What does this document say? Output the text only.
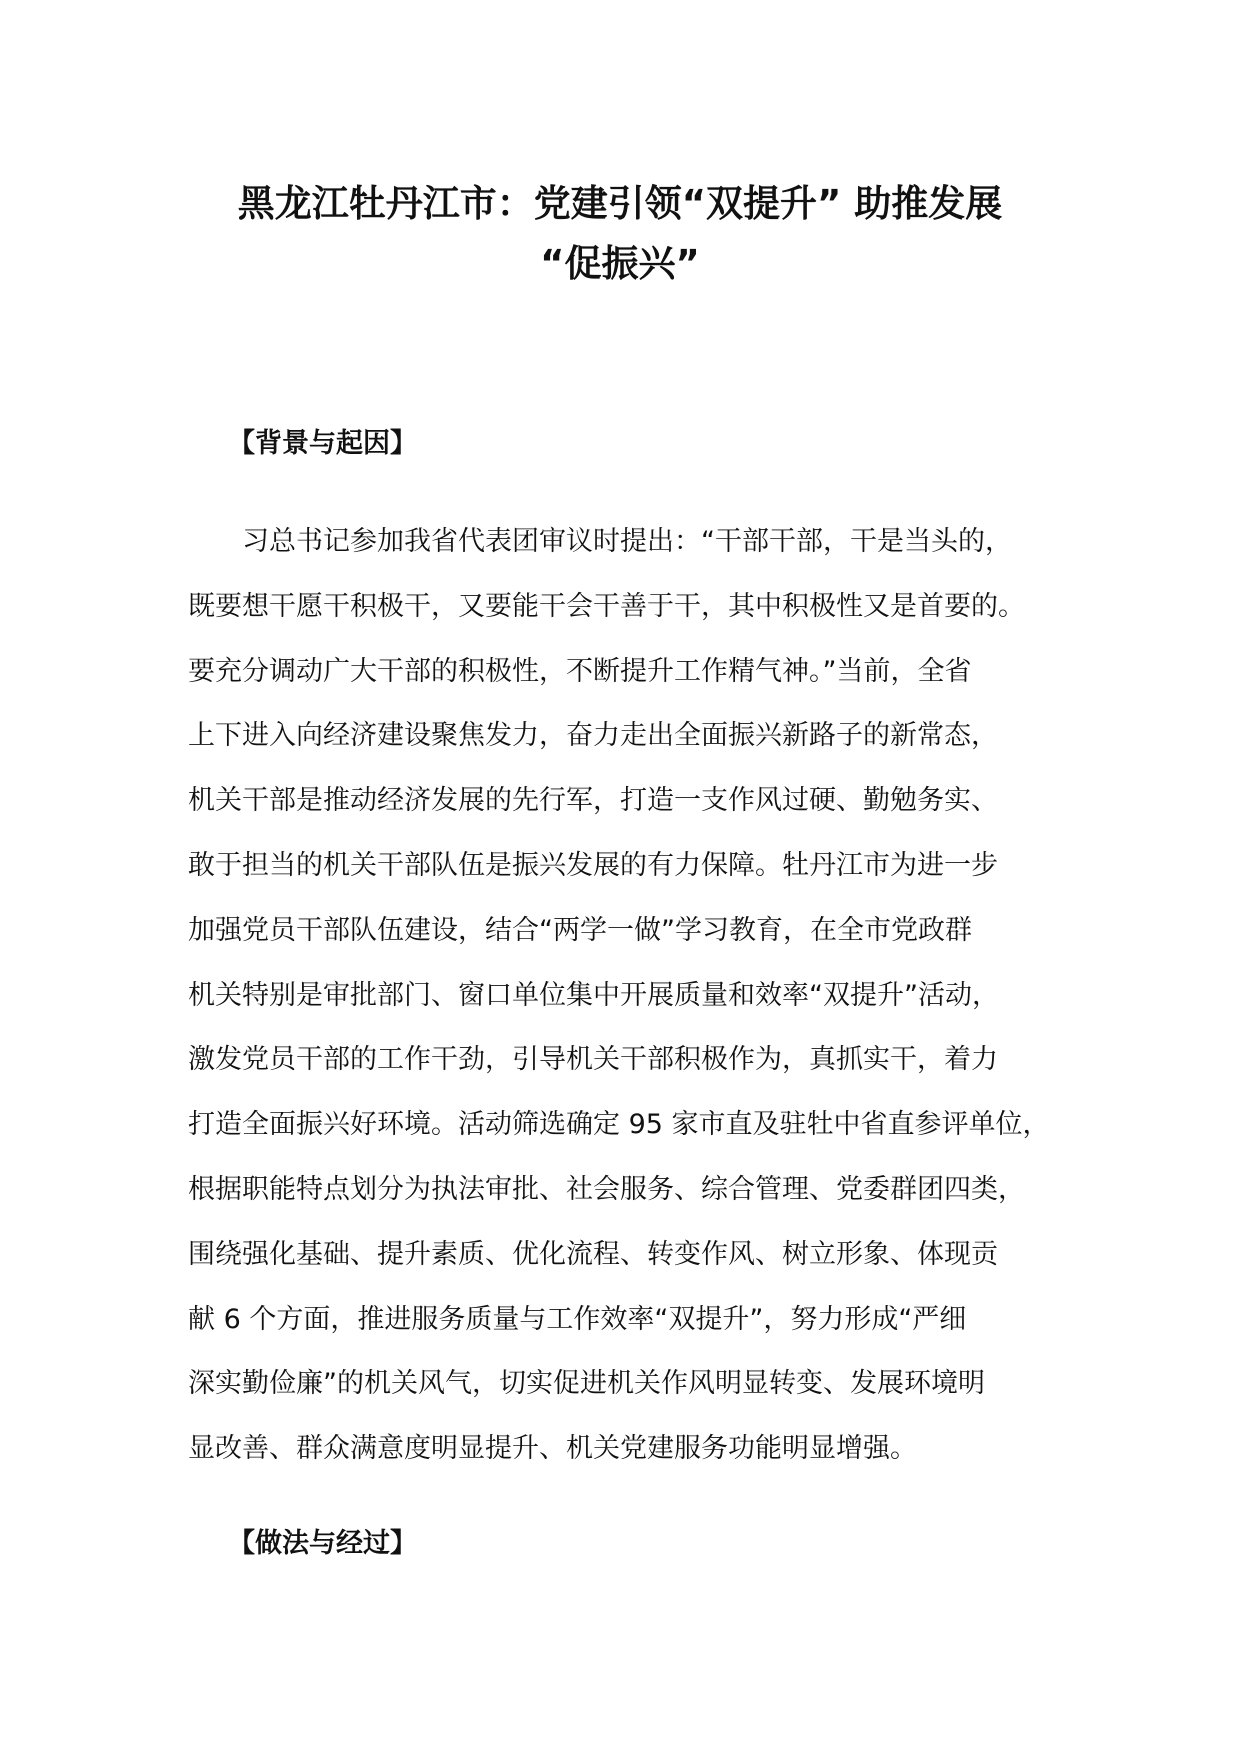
黑龙江牡丹江市：党建引领“双提升” 助推发展
“促振兴”
【背景与起因】

　　习总书记参加我省代表团审议时提出：“干部干部，干是当头的，
既要想干愿干积极干，又要能干会干善于干，其中积极性又是首要的。
要充分调动广大干部的积极性，不断提升工作精气神。”当前，全省
上下进入向经济建设聚焦发力，奋力走出全面振兴新路子的新常态，
机关干部是推动经济发展的先行军，打造一支作风过硬、勤勉务实、
敢于担当的机关干部队伍是振兴发展的有力保障。牡丹江市为进一步
加强党员干部队伍建设，结合“两学一做”学习教育，在全市党政群
机关特别是审批部门、窗口单位集中开展质量和效率“双提升”活动，
激发党员干部的工作干劲，引导机关干部积极作为，真抓实干，着力
打造全面振兴好环境。活动筛选确定 95 家市直及驻牡中省直参评单位，
根据职能特点划分为执法审批、社会服务、综合管理、党委群团四类，
围绕强化基础、提升素质、优化流程、转变作风、树立形象、体现贡
献 6 个方面，推进服务质量与工作效率“双提升”，努力形成“严细
深实勤俭廉”的机关风气，切实促进机关作风明显转变、发展环境明
显改善、群众满意度明显提升、机关党建服务功能明显增强。

【做法与经过】
